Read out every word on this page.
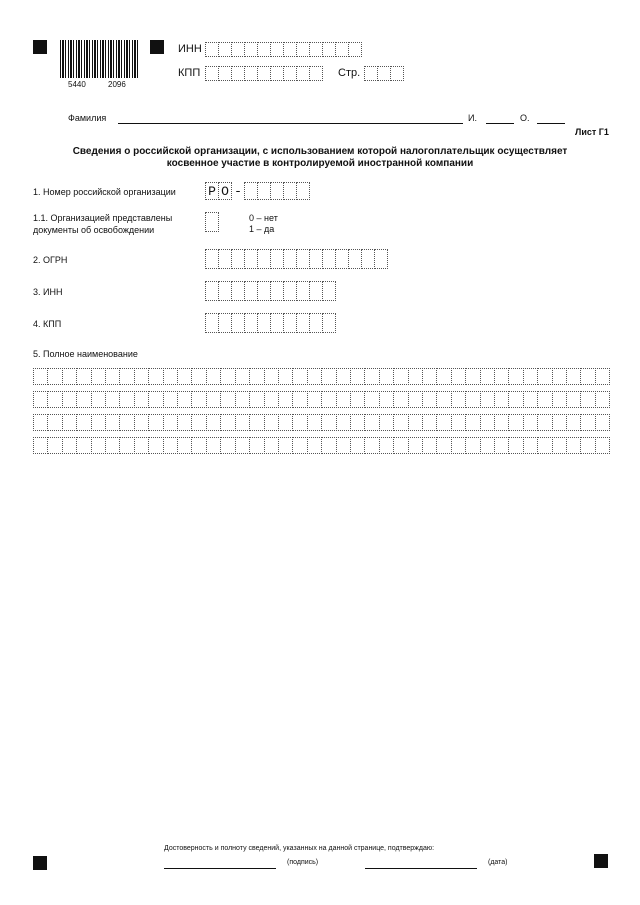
5440	2096
ИНН
КПП	Стр.
Фамилия	И.	О.
Лист Г1
Сведения о российской организации, с использованием которой налогоплательщик осуществляет
косвенное участие в контролируемой иностранной компании
1. Номер российской организации Р О -
1.1. Организацией представлены
документы об освобождении
0 – нет
1 – да
2. ОГРН
3. ИНН
4. КПП
5. Полное наименование
Достоверность и полноту сведений, указанных на данной странице, подтверждаю:
(подпись)	(дата)
